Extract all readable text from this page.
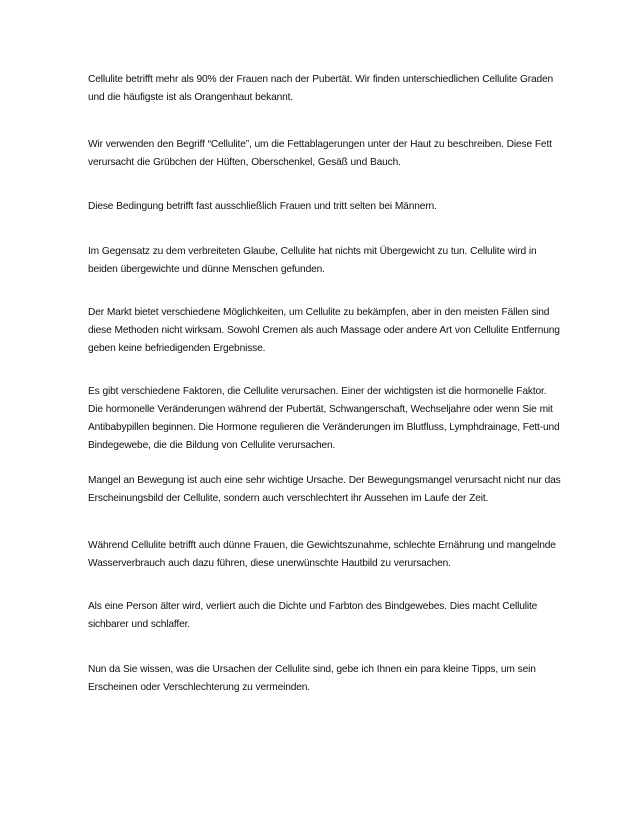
Cellulite betrifft mehr als 90% der Frauen nach der Pubertät. Wir finden unterschiedlichen Cellulite Graden und die häufigste ist als Orangenhaut bekannt.

Wir verwenden den Begriff “Cellulite”, um die Fettablagerungen unter der Haut zu beschreiben. Diese Fett verursacht die Grübchen der Hüften, Oberschenkel, Gesäß und Bauch.

Diese Bedingung betrifft fast ausschließlich Frauen und tritt selten bei Männern.

Im Gegensatz zu dem verbreiteten Glaube, Cellulite hat nichts mit Übergewicht zu tun. Cellulite wird in beiden übergewichte und dünne Menschen gefunden.

Der Markt bietet verschiedene Möglichkeiten, um Cellulite zu bekämpfen, aber in den meisten Fällen sind diese Methoden nicht wirksam. Sowohl Cremen als auch Massage oder andere Art von Cellulite Entfernung geben keine befriedigenden Ergebnisse.

Es gibt verschiedene Faktoren, die Cellulite verursachen. Einer der wichtigsten ist die hormonelle Faktor. Die hormonelle Veränderungen während der Pubertät, Schwangerschaft, Wechseljahre oder wenn Sie mit Antibabypillen beginnen. Die Hormone regulieren die Veränderungen im Blutfluss, Lymphdrainage, Fett-und Bindegewebe, die die Bildung von Cellulite verursachen.

Mangel an Bewegung ist auch eine sehr wichtige Ursache. Der Bewegungsmangel verursacht nicht nur das Erscheinungsbild der Cellulite, sondern auch verschlechtert ihr Aussehen im Laufe der Zeit.

Während Cellulite betrifft auch dünne Frauen, die Gewichtszunahme, schlechte Ernährung und mangelnde Wasserverbrauch auch dazu führen, diese unerwünschte Hautbild zu verursachen.

Als eine Person älter wird, verliert auch die Dichte und Farbton des Bindgewebes. Dies macht Cellulite sichbarer und schlaffer.

Nun da Sie wissen, was die Ursachen der Cellulite sind, gebe ich Ihnen ein para kleine Tipps, um sein Erscheinen oder Verschlechterung zu vermeinden.
